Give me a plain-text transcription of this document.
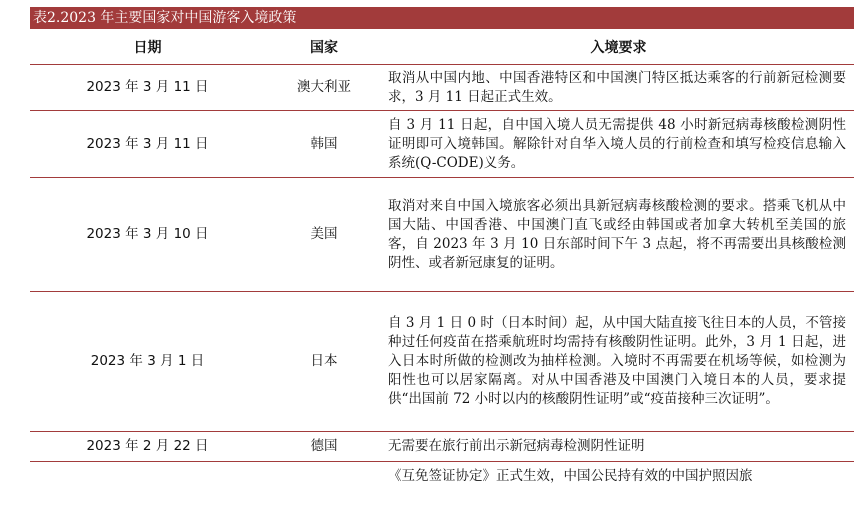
表2.2023 年主要国家对中国游客入境政策
日期	国家	入境要求
2023 年 3 月 11 日	澳大利亚	取消从中国内地、中国香港特区和中国澳门特区抵达乘客的行前新冠检测要求，3 月 11 日起正式生效。
2023 年 3 月 11 日	韩国	自 3 月 11 日起，自中国入境人员无需提供 48 小时新冠病毒核酸检测阴性证明即可入境韩国。解除针对自华入境人员的行前检查和填写检疫信息输入系统(Q-CODE)义务。
2023 年 3 月 10 日	美国	取消对来自中国入境旅客必须出具新冠病毒核酸检测的要求。搭乘飞机从中国大陆、中国香港、中国澳门直飞或经由韩国或者加拿大转机至美国的旅客，自 2023 年 3 月 10 日东部时间下午 3 点起，将不再需要出具核酸检测阴性、或者新冠康复的证明。
2023 年 3 月 1 日	日本	自 3 月 1 日 0 时（日本时间）起，从中国大陆直接飞往日本的人员，不管接种过任何疫苗在搭乘航班时均需持有核酸阴性证明。此外，3 月 1 日起，进入日本时所做的检测改为抽样检测。入境时不再需要在机场等候，如检测为阳性也可以居家隔离。对从中国香港及中国澳门入境日本的人员，要求提供“出国前 72 小时以内的核酸阴性证明”或“疫苗接种三次证明”。
2023 年 2 月 22 日	德国	无需要在旅行前出示新冠病毒检测阴性证明
		《互免签证协定》正式生效，中国公民持有效的中国护照因旅
